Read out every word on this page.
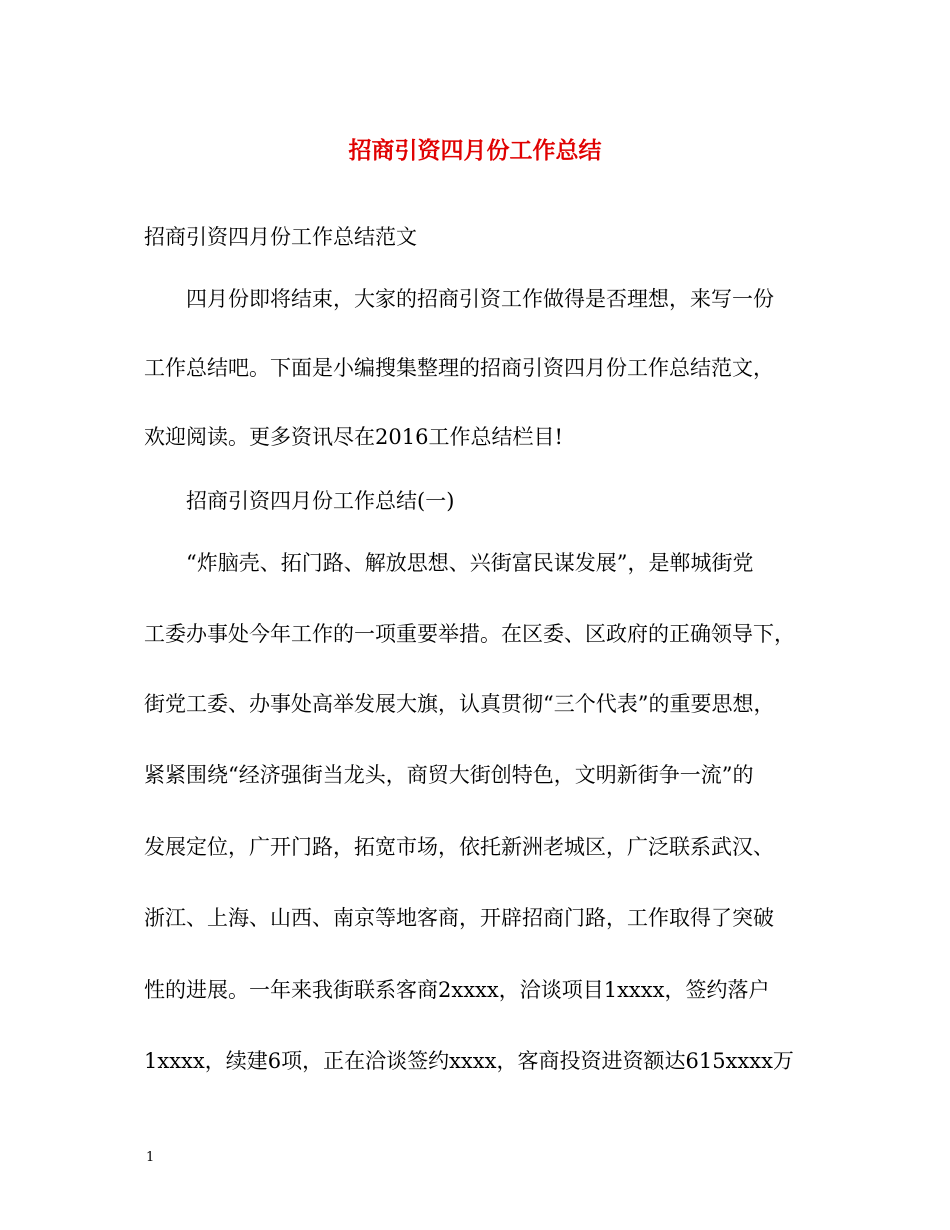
招商引资四月份工作总结
招商引资四月份工作总结范文
四月份即将结束，大家的招商引资工作做得是否理想，来写一份
工作总结吧。下面是小编搜集整理的招商引资四月份工作总结范文，
欢迎阅读。更多资讯尽在2016工作总结栏目!
招商引资四月份工作总结(一)
“炸脑壳、拓门路、解放思想、兴街富民谋发展”，是郸城街党
工委办事处今年工作的一项重要举措。在区委、区政府的正确领导下，
街党工委、办事处高举发展大旗，认真贯彻“三个代表”的重要思想，
紧紧围绕“经济强街当龙头，商贸大街创特色，文明新街争一流”的
发展定位，广开门路，拓宽市场，依托新洲老城区，广泛联系武汉、
浙江、上海、山西、南京等地客商，开辟招商门路，工作取得了突破
性的进展。一年来我街联系客商2xxxx，洽谈项目1xxxx，签约落户
1xxxx，续建6项，正在洽谈签约xxxx，客商投资进资额达615xxxx万
1
